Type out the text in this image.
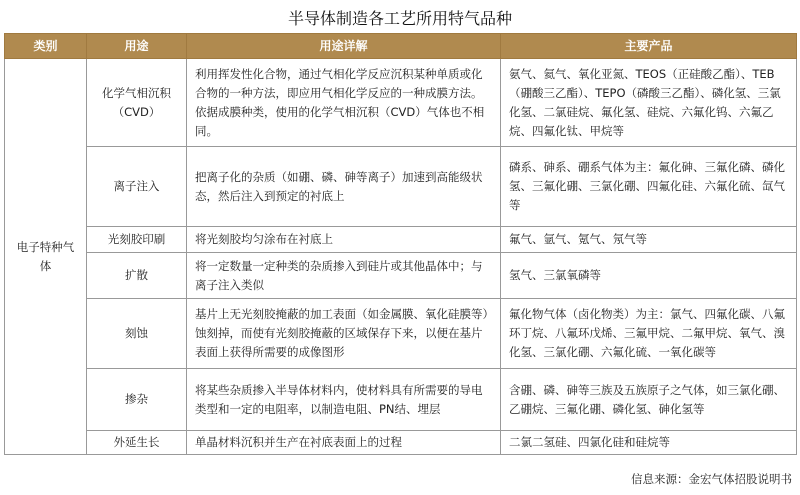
半导体制造各工艺所用特气品种
类别	用途	用途详解	主要产品
电子特种气体	化学气相沉积（CVD）	利用挥发性化合物，通过气相化学反应沉积某种单质或化合物的一种方法，即应用气相化学反应的一种成膜方法。依据成膜种类，使用的化学气相沉积（CVD）气体也不相同。	氨气、氦气、氧化亚氮、TEOS（正硅酸乙酯）、TEB（硼酸三乙酯）、TEPO（磷酸三乙酯）、磷化氢、三氯化氢、二氯硅烷、氟化氢、硅烷、六氟化钨、六氟乙烷、四氟化钛、甲烷等
	离子注入	把离子化的杂质（如硼、磷、砷等离子）加速到高能级状态，然后注入到预定的衬底上	磷系、砷系、硼系气体为主：氟化砷、三氟化磷、磷化氢、三氟化硼、三氯化硼、四氟化硅、六氟化硫、氙气等
	光刻胶印刷	将光刻胶均匀涂布在衬底上	氟气、氩气、氪气、氖气等
	扩散	将一定数量一定种类的杂质掺入到硅片或其他晶体中；与离子注入类似	氢气、三氯氧磷等
	刻蚀	基片上无光刻胶掩蔽的加工表面（如金属膜、氧化硅膜等）蚀刻掉，而使有光刻胶掩蔽的区域保存下来，以便在基片表面上获得所需要的成像图形	氟化物气体（卤化物类）为主：氯气、四氟化碳、八氟环丁烷、八氟环戊烯、三氟甲烷、二氟甲烷、氧气、溴化氢、三氯化硼、六氟化硫、一氧化碳等
	掺杂	将某些杂质掺入半导体材料内，使材料具有所需要的导电类型和一定的电阻率，以制造电阻、PN结、埋层	含硼、磷、砷等三族及五族原子之气体，如三氯化硼、乙硼烷、三氟化硼、磷化氢、砷化氢等
	外延生长	单晶材料沉积并生产在衬底表面上的过程	二氯二氢硅、四氯化硅和硅烷等
信息来源：金宏气体招股说明书
